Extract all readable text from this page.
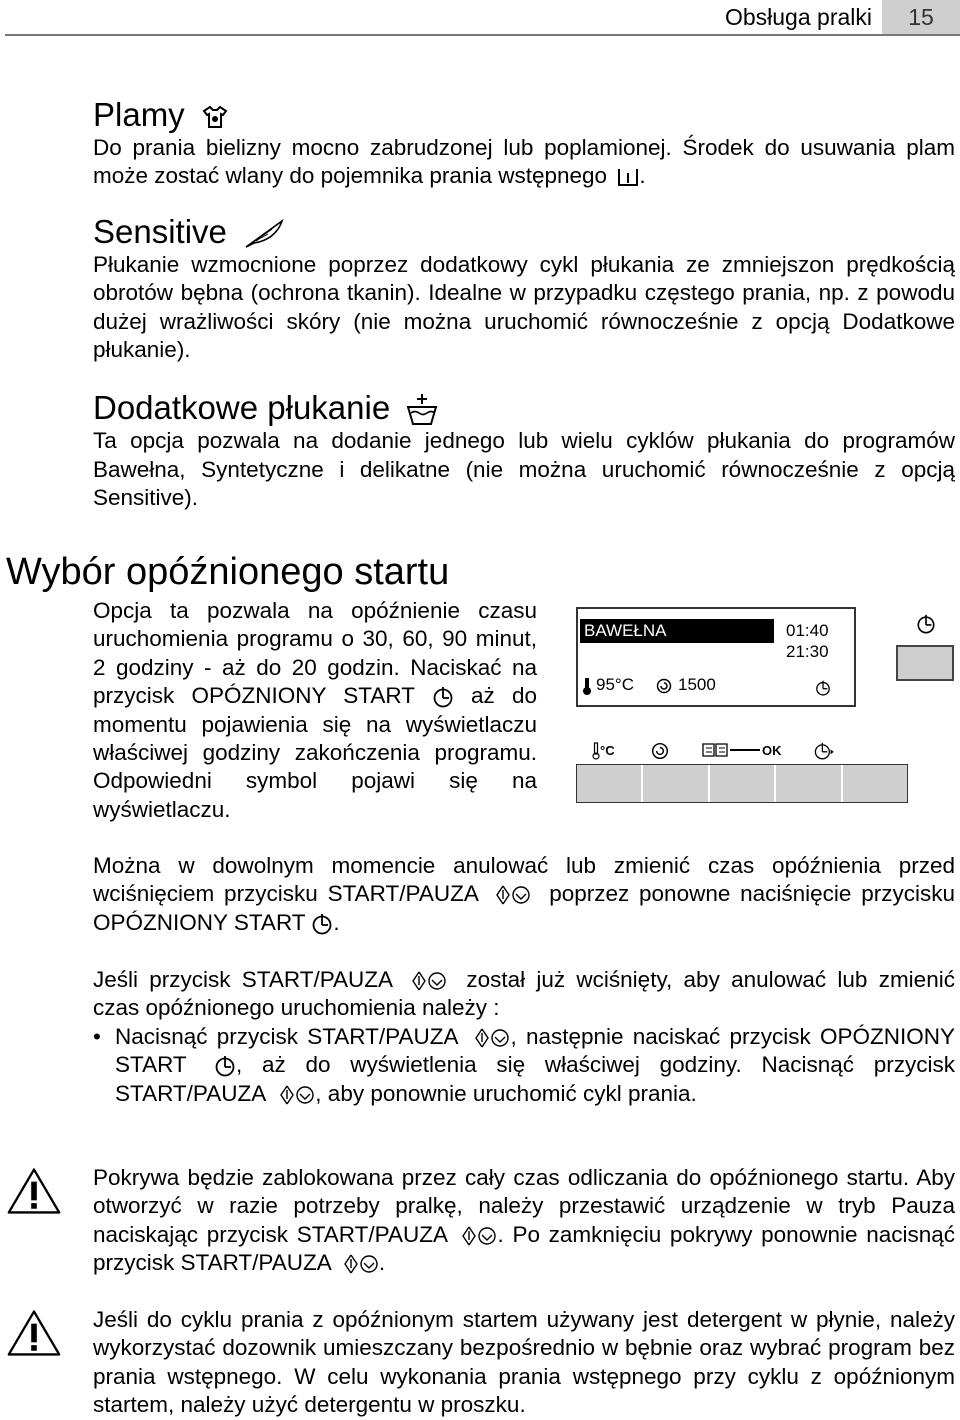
Obsługa pralki	15
Plamy

Do prania bielizny mocno zabrudzonej lub poplamionej. Środek do usuwania plam może zostać wlany do pojemnika prania wstępnego .

Sensitive

Płukanie wzmocnione poprzez dodatkowy cykl płukania ze zmniejszon prędkością obrotów bębna (ochrona tkanin). Idealne w przypadku częstego prania, np. z powodu dużej wrażliwości skóry (nie można uruchomić równocześnie z opcją Dodatkowe płukanie).

Dodatkowe płukanie

Ta opcja pozwala na dodanie jednego lub wielu cyklów płukania do programów Bawełna, Syntetyczne i delikatne (nie można uruchomić równocześnie z opcją Sensitive).

Wybór opóźnionego startu

Opcja ta pozwala na opóźnienie czasu uruchomienia programu o 30, 60, 90 minut, 2 godziny - aż do 20 godzin. Naciskać na przycisk OPÓZNIONY START	aż do momentu pojawienia się na wyświetlaczu właściwej godziny zakończenia programu. Odpowiedni symbol pojawi się na wyświetlaczu.

BAWEŁNA	01:40
21:30
95°C	1500
°C	OK

Można w dowolnym momencie anulować lub zmienić czas opóźnienia przed wciśnięciem przycisku START/PAUZA	poprzez ponowne naciśnięcie przycisku OPÓZNIONY START .

Jeśli przycisk START/PAUZA	został już wciśnięty, aby anulować lub zmienić czas opóźnionego uruchomienia należy :

• Nacisnąć przycisk START/PAUZA , następnie naciskać przycisk OPÓZNIONY START , aż do wyświetlenia się właściwej godziny. Nacisnąć przycisk START/PAUZA , aby ponownie uruchomić cykl prania.

Pokrywa będzie zablokowana przez cały czas odliczania do opóźnionego startu. Aby otworzyć w razie potrzeby pralkę, należy przestawić urządzenie w tryb Pauza naciskając przycisk START/PAUZA . Po zamknięciu pokrywy ponownie nacisnąć przycisk START/PAUZA .

Jeśli do cyklu prania z opóźnionym startem używany jest detergent w płynie, należy wykorzystać dozownik umieszczany bezpośrednio w bębnie oraz wybrać program bez prania wstępnego. W celu wykonania prania wstępnego przy cyklu z opóźnionym startem, należy użyć detergentu w proszku.
